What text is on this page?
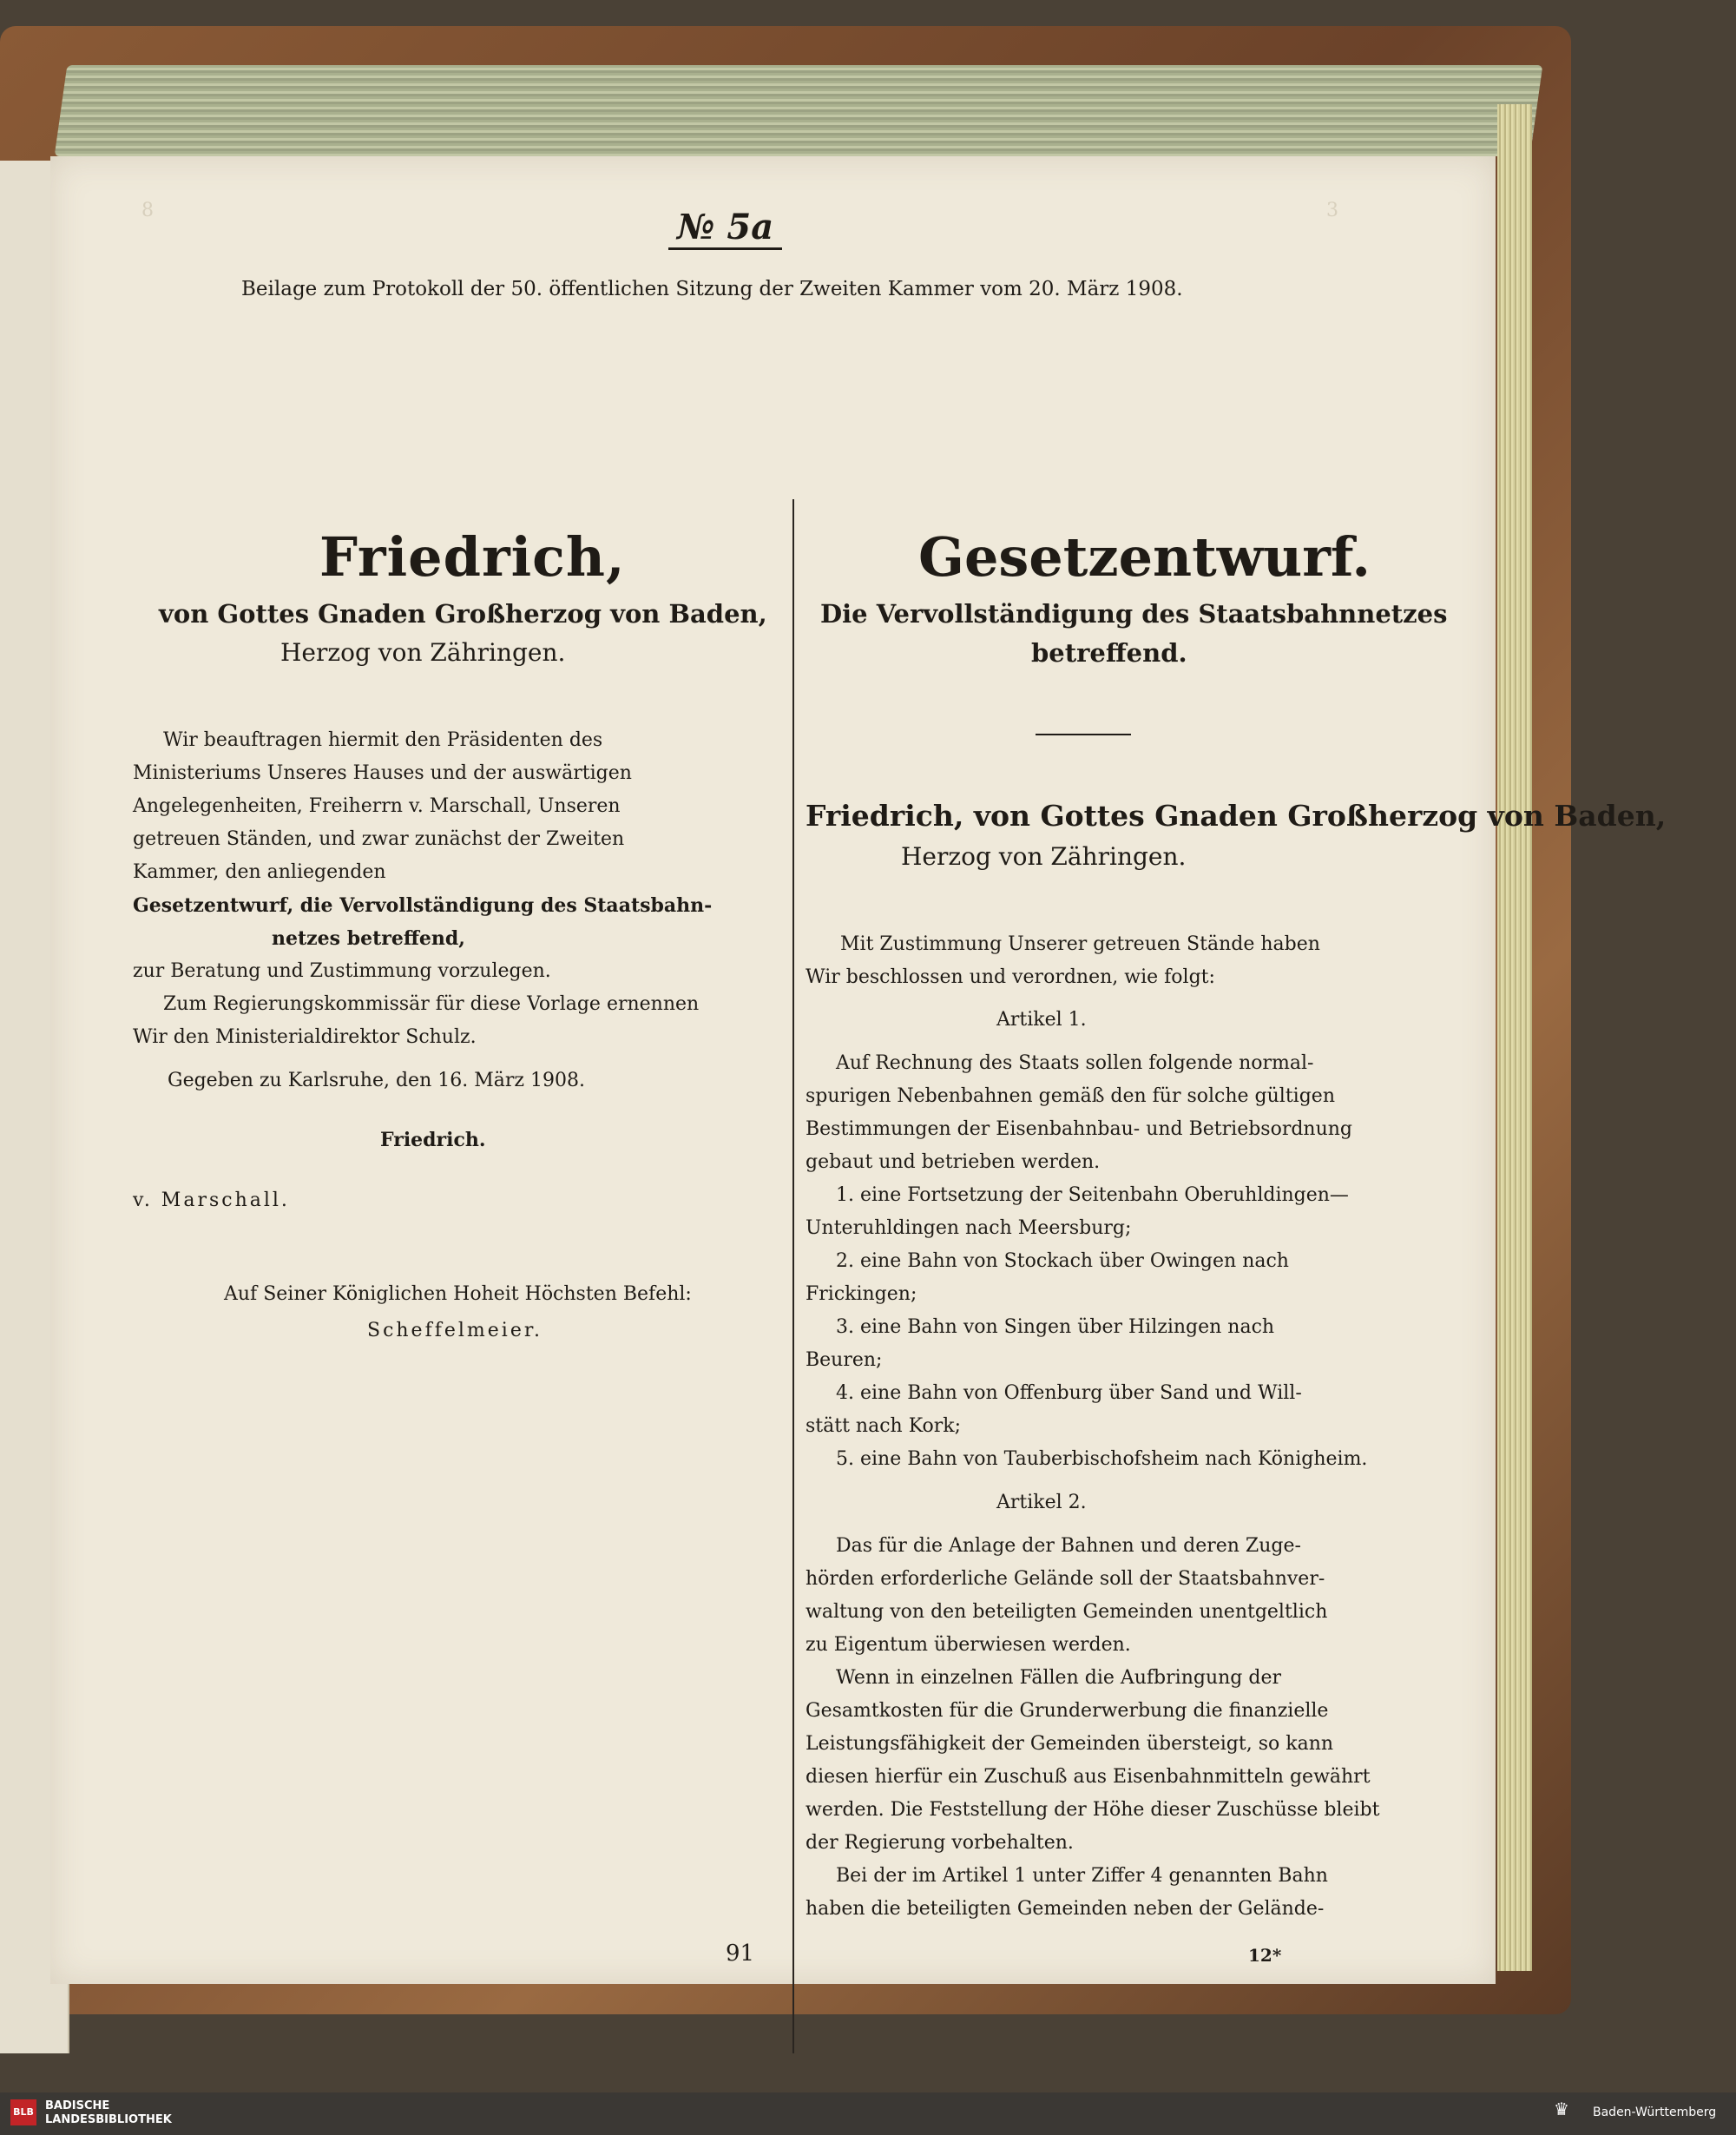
3
8	№ 5a
Beilage zum Protokoll der 50. öffentlichen Sitzung der Zweiten Kammer vom 20. März 1908.
Friedrich,
von Gottes Gnaden Großherzog von Baden,
Herzog von Zähringen.
Wir beauftragen hiermit den Präsidenten des
Ministeriums Unseres Hauses und der auswärtigen
Angelegenheiten, Freiherrn v. Marschall, Unseren
getreuen Ständen, und zwar zunächst der Zweiten
Kammer, den anliegenden
Gesetzentwurf, die Vervollständigung des Staatsbahn-
netzes betreffend,
zur Beratung und Zustimmung vorzulegen.
Zum Regierungskommissär für diese Vorlage ernennen
Wir den Ministerialdirektor Schulz.
Gegeben zu Karlsruhe, den 16. März 1908.
Friedrich.
v. Marschall.
Auf Seiner Königlichen Hoheit Höchsten Befehl:
Scheffelmeier.
Gesetzentwurf.
Die Vervollständigung des Staatsbahnnetzes
betreffend.
Friedrich, von Gottes Gnaden Großherzog von Baden,
Herzog von Zähringen.
Mit Zustimmung Unserer getreuen Stände haben
Wir beschlossen und verordnen, wie folgt:
Artikel 1.
Auf Rechnung des Staats sollen folgende normal-
spurigen Nebenbahnen gemäß den für solche gültigen
Bestimmungen der Eisenbahnbau- und Betriebsordnung
gebaut und betrieben werden.
1. eine Fortsetzung der Seitenbahn Oberuhldingen—
Unteruhldingen nach Meersburg;
2. eine Bahn von Stockach über Owingen nach
Frickingen;
3. eine Bahn von Singen über Hilzingen nach
Beuren;
4. eine Bahn von Offenburg über Sand und Will-
stätt nach Kork;
5. eine Bahn von Tauberbischofsheim nach Königheim.
Artikel 2.
Das für die Anlage der Bahnen und deren Zuge-
hörden erforderliche Gelände soll der Staatsbahnver-
waltung von den beteiligten Gemeinden unentgeltlich
zu Eigentum überwiesen werden.
Wenn in einzelnen Fällen die Aufbringung der
Gesamtkosten für die Grunderwerbung die finanzielle
Leistungsfähigkeit der Gemeinden übersteigt, so kann
diesen hierfür ein Zuschuß aus Eisenbahnmitteln gewährt
werden. Die Feststellung der Höhe dieser Zuschüsse bleibt
der Regierung vorbehalten.
Bei der im Artikel 1 unter Ziffer 4 genannten Bahn
haben die beteiligten Gemeinden neben der Gelände-
91	12*
BLB BADISCHE
LANDESBIBLIOTHEK
♛	Baden-Württemberg
